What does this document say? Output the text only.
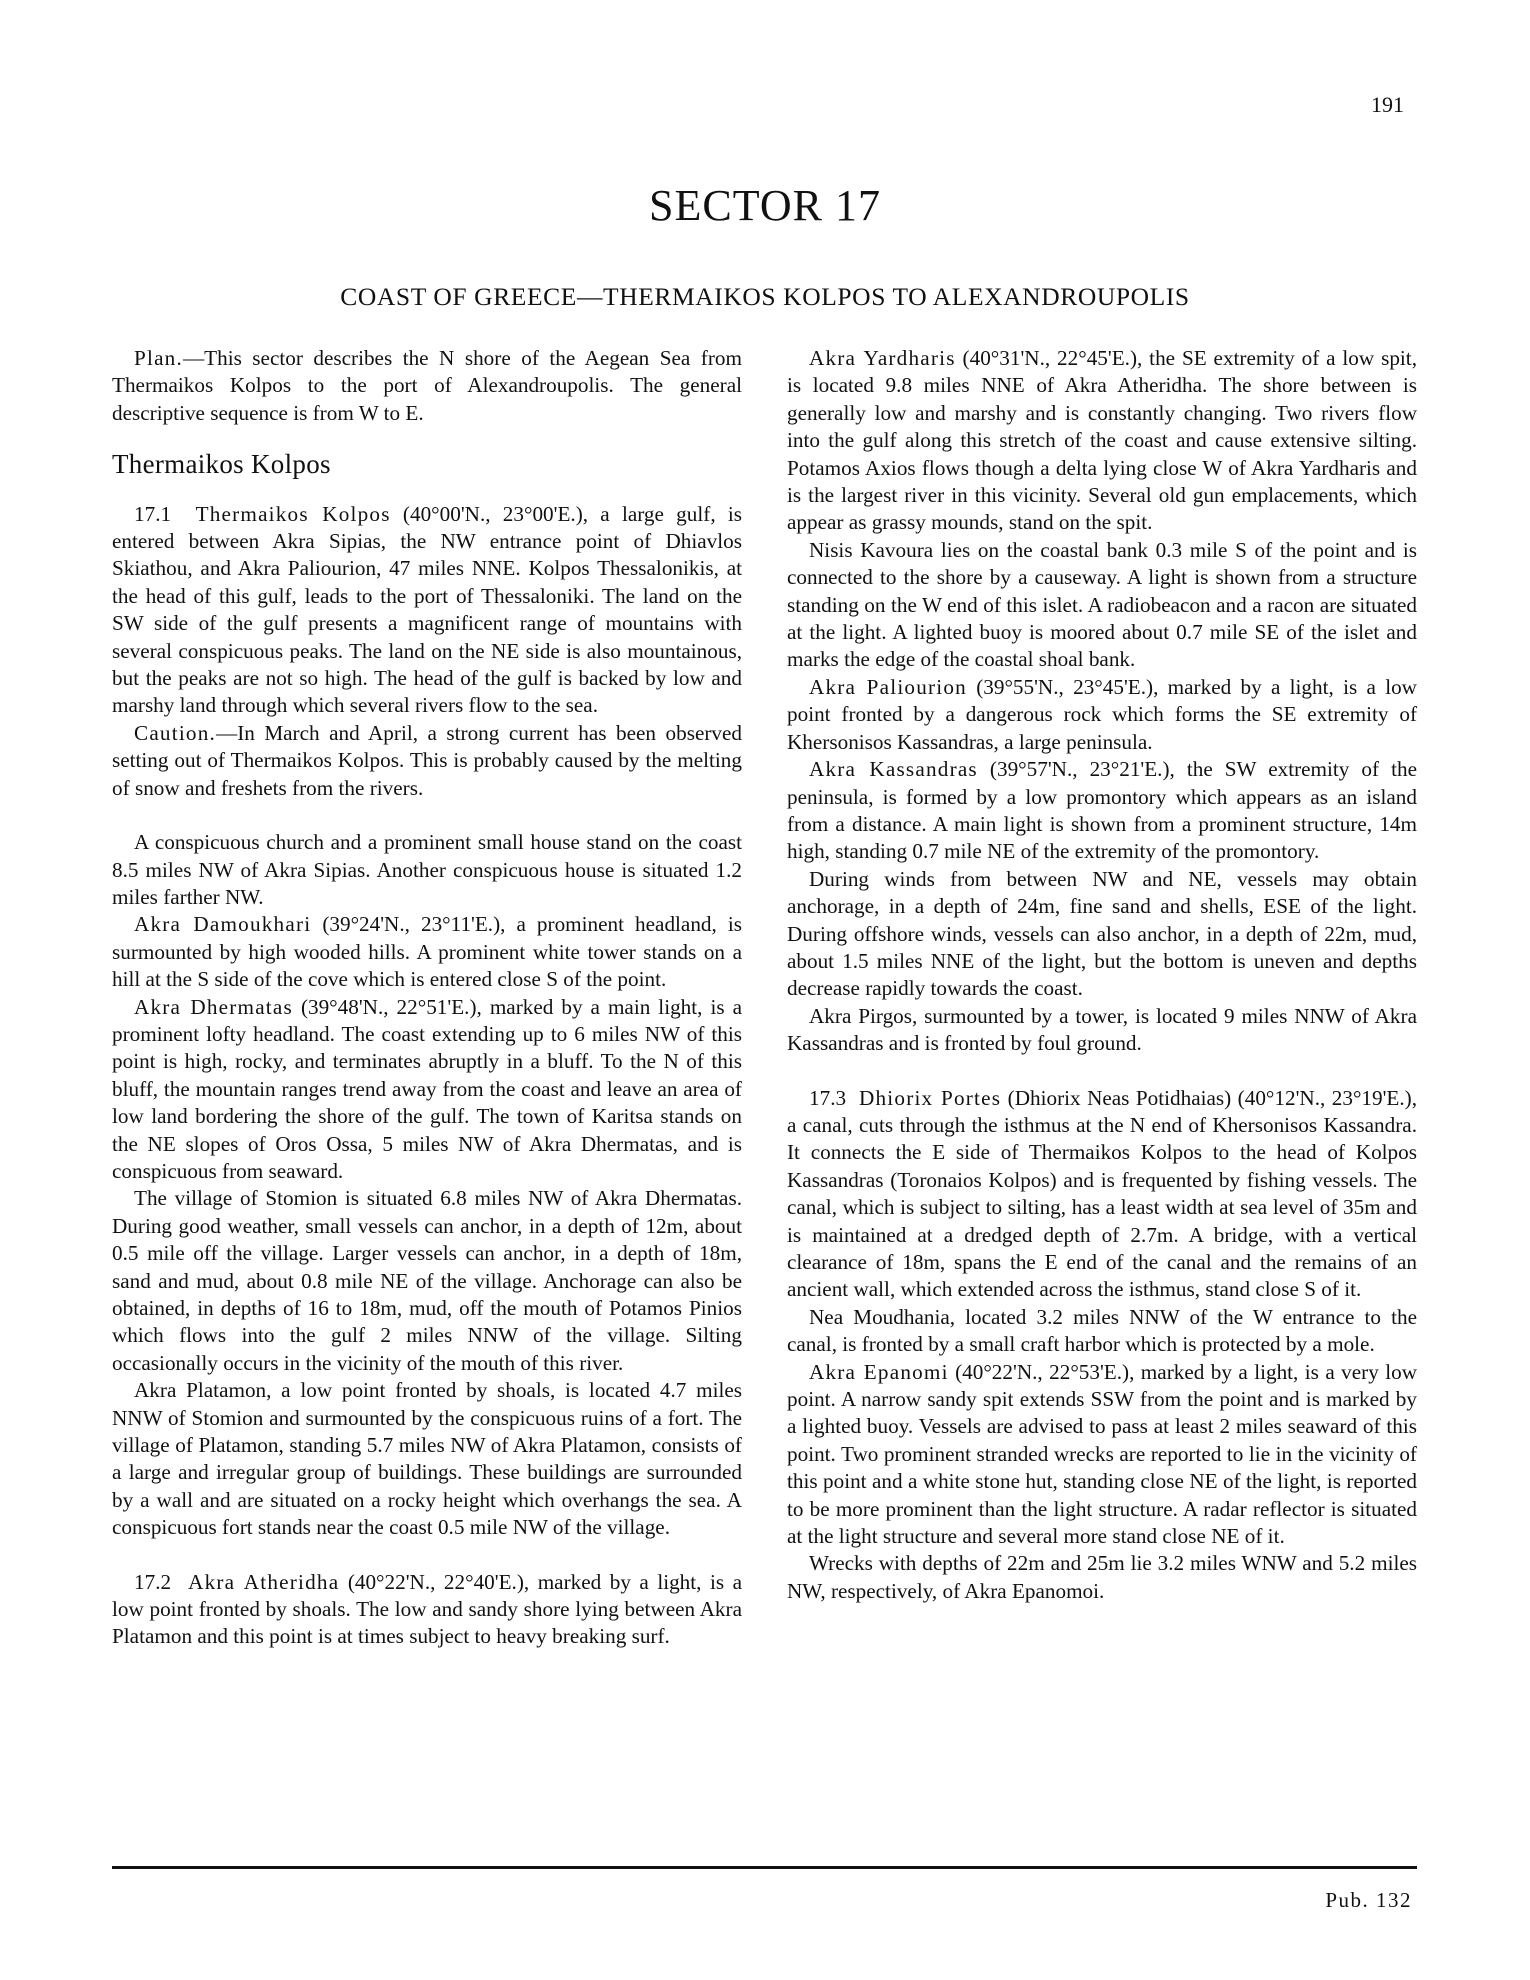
191
SECTOR 17
COAST OF GREECE—THERMAIKOS KOLPOS TO ALEXANDROUPOLIS

Plan.—This sector describes the N shore of the Aegean Sea from Thermaikos Kolpos to the port of Alexandroupolis. The general descriptive sequence is from W to E.

Thermaikos Kolpos

17.1 Thermaikos Kolpos (40°00'N., 23°00'E.), a large gulf, is entered between Akra Sipias, the NW entrance point of Dhiavlos Skiathou, and Akra Paliourion, 47 miles NNE. Kolpos Thessalonikis, at the head of this gulf, leads to the port of Thessaloniki. The land on the SW side of the gulf presents a magnificent range of mountains with several conspicuous peaks. The land on the NE side is also mountainous, but the peaks are not so high. The head of the gulf is backed by low and marshy land through which several rivers flow to the sea.

Caution.—In March and April, a strong current has been observed setting out of Thermaikos Kolpos. This is probably caused by the melting of snow and freshets from the rivers.

A conspicuous church and a prominent small house stand on the coast 8.5 miles NW of Akra Sipias. Another conspicuous house is situated 1.2 miles farther NW.

Akra Damoukhari (39°24'N., 23°11'E.), a prominent headland, is surmounted by high wooded hills. A prominent white tower stands on a hill at the S side of the cove which is entered close S of the point.

Akra Dhermatas (39°48'N., 22°51'E.), marked by a main light, is a prominent lofty headland. The coast extending up to 6 miles NW of this point is high, rocky, and terminates abruptly in a bluff. To the N of this bluff, the mountain ranges trend away from the coast and leave an area of low land bordering the shore of the gulf. The town of Karitsa stands on the NE slopes of Oros Ossa, 5 miles NW of Akra Dhermatas, and is conspicuous from seaward.

The village of Stomion is situated 6.8 miles NW of Akra Dhermatas. During good weather, small vessels can anchor, in a depth of 12m, about 0.5 mile off the village. Larger vessels can anchor, in a depth of 18m, sand and mud, about 0.8 mile NE of the village. Anchorage can also be obtained, in depths of 16 to 18m, mud, off the mouth of Potamos Pinios which flows into the gulf 2 miles NNW of the village. Silting occasionally occurs in the vicinity of the mouth of this river.

Akra Platamon, a low point fronted by shoals, is located 4.7 miles NNW of Stomion and surmounted by the conspicuous ruins of a fort. The village of Platamon, standing 5.7 miles NW of Akra Platamon, consists of a large and irregular group of buildings. These buildings are surrounded by a wall and are situated on a rocky height which overhangs the sea. A conspicuous fort stands near the coast 0.5 mile NW of the village.

17.2 Akra Atheridha (40°22'N., 22°40'E.), marked by a light, is a low point fronted by shoals. The low and sandy shore lying between Akra Platamon and this point is at times subject to heavy breaking surf.

Akra Yardharis (40°31'N., 22°45'E.), the SE extremity of a low spit, is located 9.8 miles NNE of Akra Atheridha. The shore between is generally low and marshy and is constantly changing. Two rivers flow into the gulf along this stretch of the coast and cause extensive silting. Potamos Axios flows though a delta lying close W of Akra Yardharis and is the largest river in this vicinity. Several old gun emplacements, which appear as grassy mounds, stand on the spit.

Nisis Kavoura lies on the coastal bank 0.3 mile S of the point and is connected to the shore by a causeway. A light is shown from a structure standing on the W end of this islet. A radiobeacon and a racon are situated at the light. A lighted buoy is moored about 0.7 mile SE of the islet and marks the edge of the coastal shoal bank.

Akra Paliourion (39°55'N., 23°45'E.), marked by a light, is a low point fronted by a dangerous rock which forms the SE extremity of Khersonisos Kassandras, a large peninsula.

Akra Kassandras (39°57'N., 23°21'E.), the SW extremity of the peninsula, is formed by a low promontory which appears as an island from a distance. A main light is shown from a prominent structure, 14m high, standing 0.7 mile NE of the extremity of the promontory.

During winds from between NW and NE, vessels may obtain anchorage, in a depth of 24m, fine sand and shells, ESE of the light. During offshore winds, vessels can also anchor, in a depth of 22m, mud, about 1.5 miles NNE of the light, but the bottom is uneven and depths decrease rapidly towards the coast.

Akra Pirgos, surmounted by a tower, is located 9 miles NNW of Akra Kassandras and is fronted by foul ground.

17.3 Dhiorix Portes (Dhiorix Neas Potidhaias) (40°12'N., 23°19'E.), a canal, cuts through the isthmus at the N end of Khersonisos Kassandra. It connects the E side of Thermaikos Kolpos to the head of Kolpos Kassandras (Toronaios Kolpos) and is frequented by fishing vessels. The canal, which is subject to silting, has a least width at sea level of 35m and is maintained at a dredged depth of 2.7m. A bridge, with a vertical clearance of 18m, spans the E end of the canal and the remains of an ancient wall, which extended across the isthmus, stand close S of it.

Nea Moudhania, located 3.2 miles NNW of the W entrance to the canal, is fronted by a small craft harbor which is protected by a mole.

Akra Epanomi (40°22'N., 22°53'E.), marked by a light, is a very low point. A narrow sandy spit extends SSW from the point and is marked by a lighted buoy. Vessels are advised to pass at least 2 miles seaward of this point. Two prominent stranded wrecks are reported to lie in the vicinity of this point and a white stone hut, standing close NE of the light, is reported to be more prominent than the light structure. A radar reflector is situated at the light structure and several more stand close NE of it.

Wrecks with depths of 22m and 25m lie 3.2 miles WNW and 5.2 miles NW, respectively, of Akra Epanomoi.

Pub. 132
